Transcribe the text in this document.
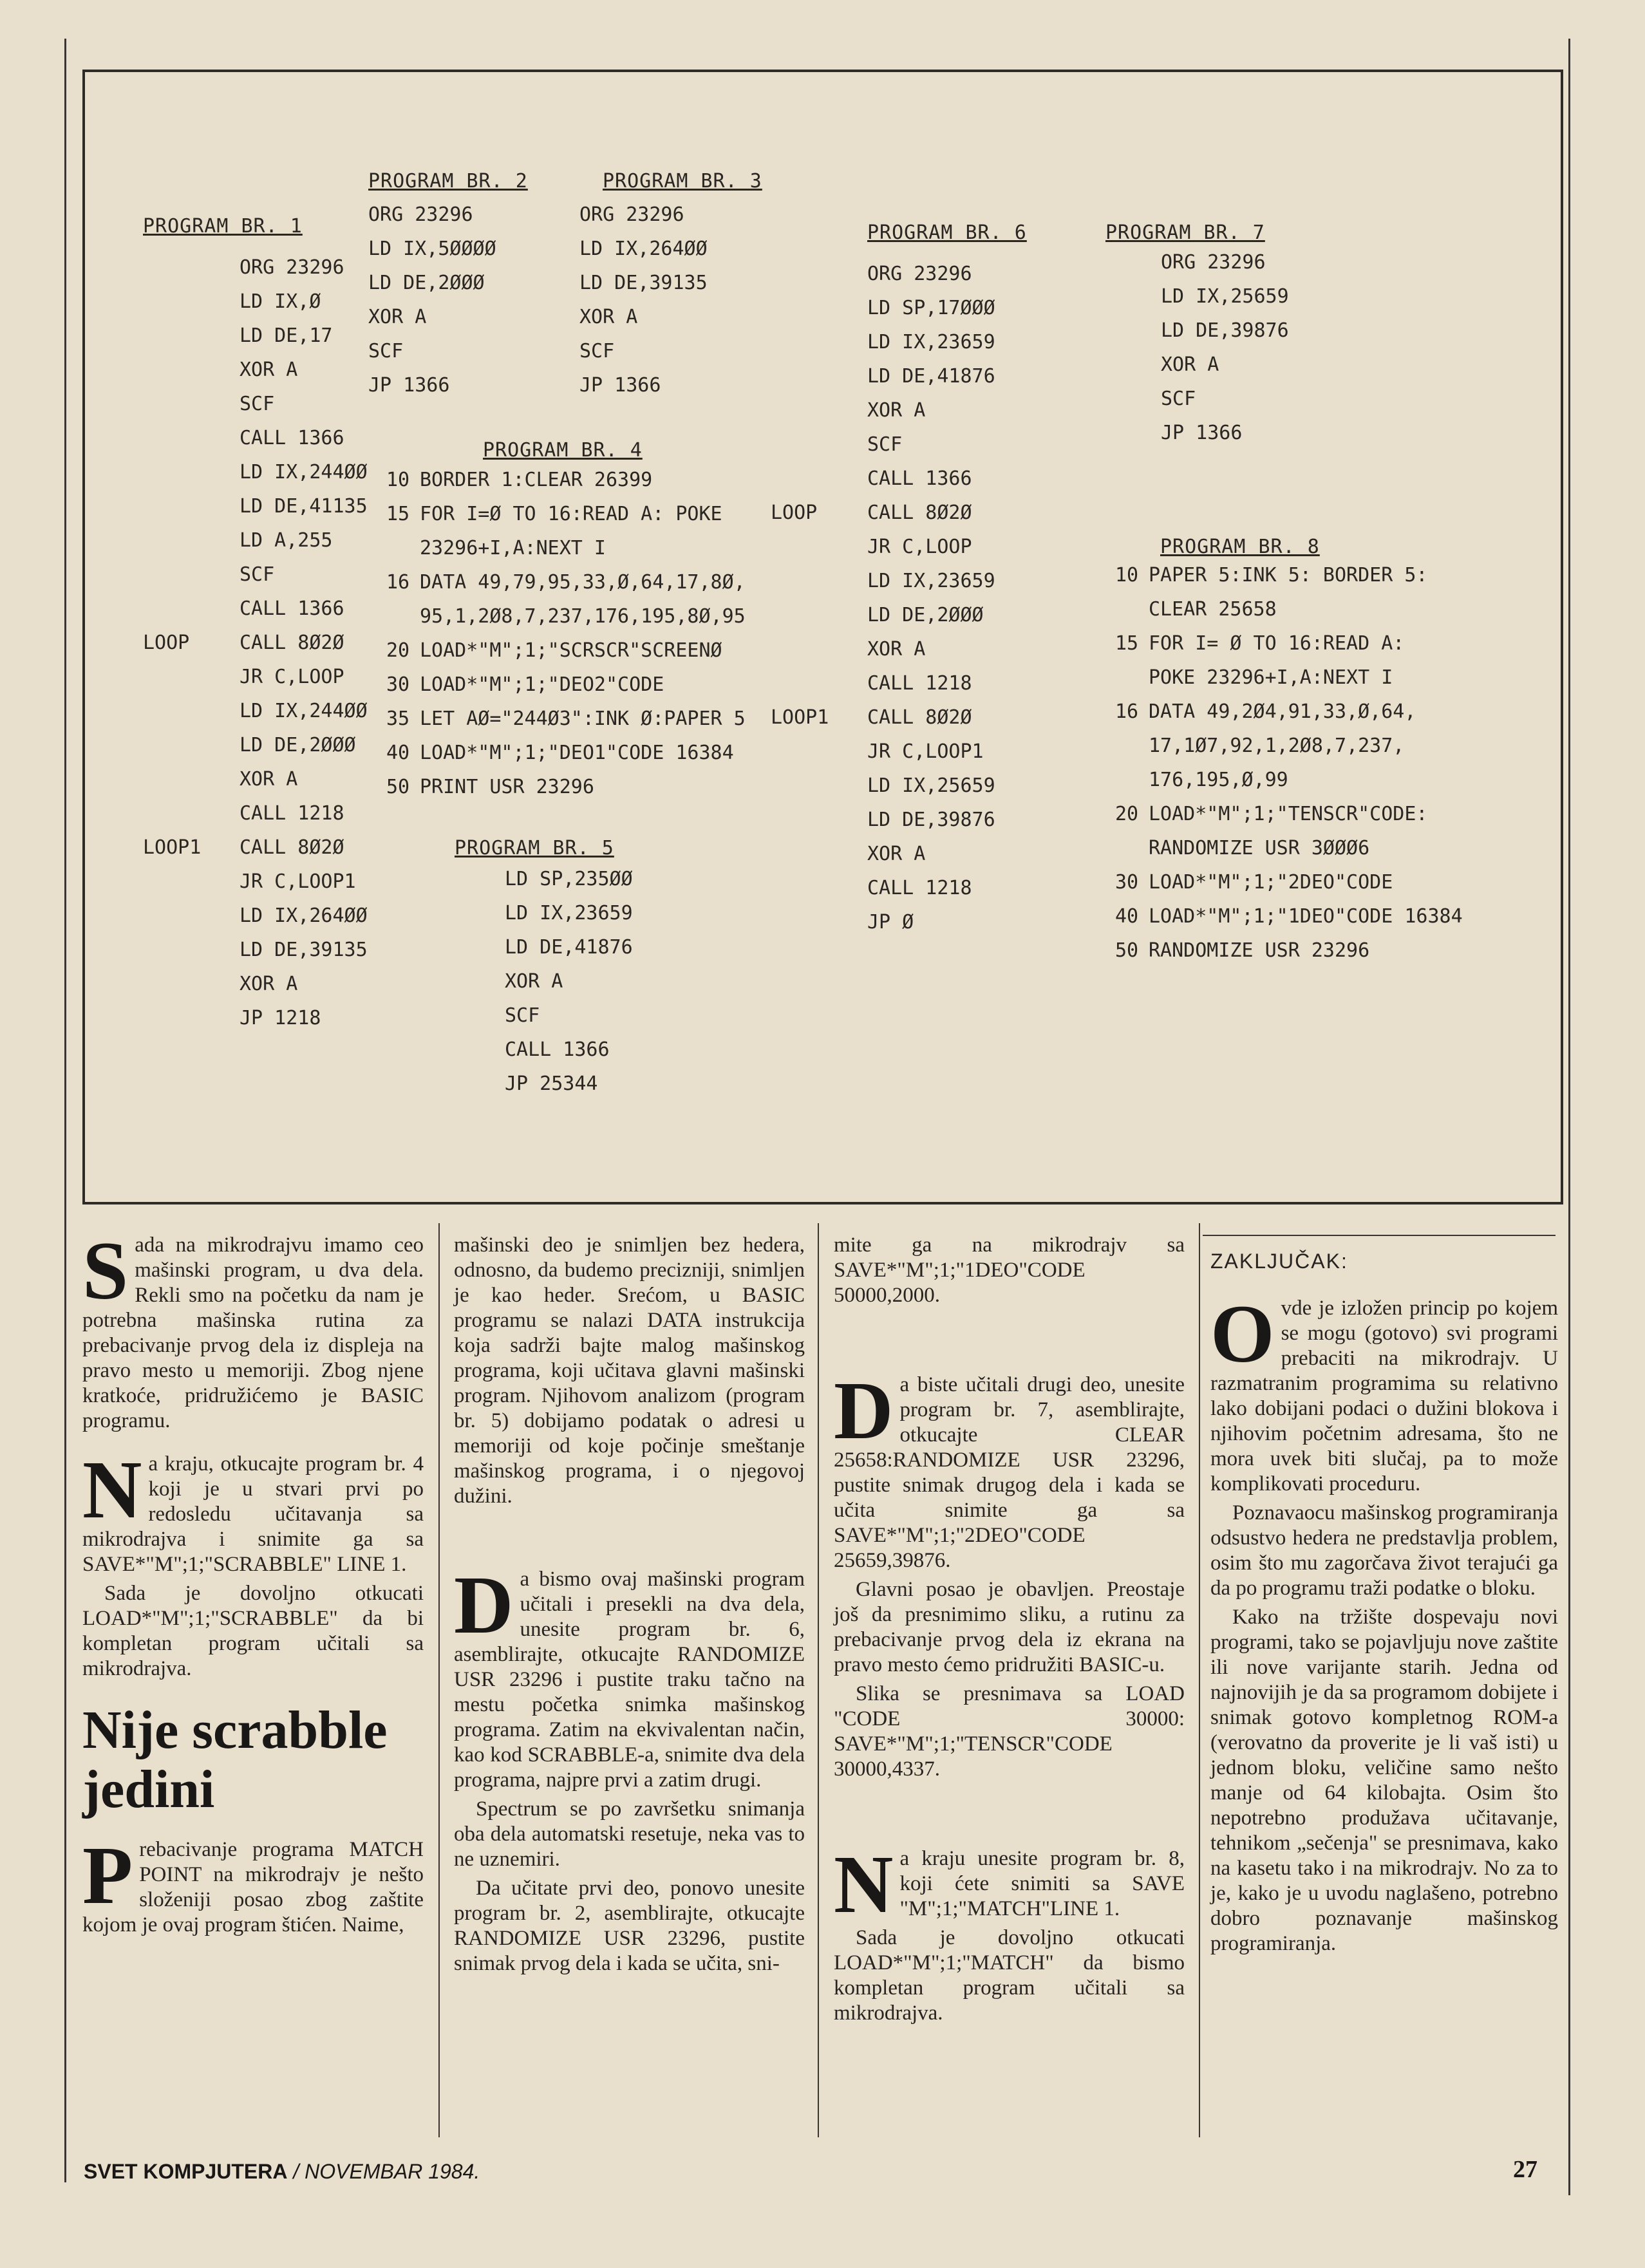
PROGRAM BR. 1
ORG 23296
LD IX,Ø
LD DE,17
XOR A
SCF
CALL 1366
LD IX,244ØØ
LD DE,41135
LD A,255
SCF
CALL 1366
LOOP	CALL 8Ø2Ø
JR C,LOOP
LD IX,244ØØ
LD DE,2ØØØ
XOR A
CALL 1218
LOOP1 CALL 8Ø2Ø
JR C,LOOP1
LD IX,264ØØ
LD DE,39135
XOR A
JP 1218
PROGRAM BR. 2
ORG 23296
LD IX,5ØØØØ
LD DE,2ØØØ
XOR A
SCF
JP 1366
PROGRAM BR. 3
ORG 23296
LD IX,264ØØ
LD DE,39135
XOR A
SCF
JP 1366
PROGRAM BR. 4
10 BORDER 1:CLEAR 26399
15 FOR I=Ø TO 16:READ A: POKE
23296+I,A:NEXT I
16 DATA 49,79,95,33,Ø,64,17,8Ø,
95,1,2Ø8,7,237,176,195,8Ø,95
20 LOAD*"M";1;"SCRSCR"SCREENØ
30 LOAD*"M";1;"DEO2"CODE
35 LET AØ="244Ø3":INK Ø:PAPER 5
40 LOAD*"M";1;"DEO1"CODE 16384
50 PRINT USR 23296
PROGRAM BR. 5
LD SP,235ØØ
LD IX,23659
LD DE,41876
XOR A
SCF
CALL 1366
JP 25344
PROGRAM BR. 6
ORG 23296
LD SP,17ØØØ
LD IX,23659
LD DE,41876
XOR A
SCF
CALL 1366
LOOP	CALL 8Ø2Ø
JR C,LOOP
LD IX,23659
LD DE,2ØØØ
XOR A
CALL 1218
LOOP1 CALL 8Ø2Ø
JR C,LOOP1
LD IX,25659
LD DE,39876
XOR A
CALL 1218
JP Ø
PROGRAM BR. 7
ORG 23296
LD IX,25659
LD DE,39876
XOR A
SCF
JP 1366
PROGRAM BR. 8
10 PAPER 5:INK 5: BORDER 5:
CLEAR 25658
15 FOR I= Ø TO 16:READ A:
POKE 23296+I,A:NEXT I
16 DATA 49,2Ø4,91,33,Ø,64,
17,1Ø7,92,1,2Ø8,7,237,
176,195,Ø,99
20 LOAD*"M";1;"TENSCR"CODE:
RANDOMIZE USR 3ØØØ6
30 LOAD*"M";1;"2DEO"CODE
40 LOAD*"M";1;"1DEO"CODE 16384
50 RANDOMIZE USR 23296

Sada na mikrodrajvu imamo ceo mašinski program, u dva dela. Rekli smo na početku da nam je potrebna mašinska rutina za prebacivanje prvog dela iz displeja na pravo mesto u memoriji. Zbog njene kratkoće, pridružićemo je BASIC programu.

Na kraju, otkucajte program br. 4 koji je u stvari prvi po redosledu učitavanja sa mikrodrajva i snimite ga sa SAVE*"M";1;"SCRABBLE" LINE 1.

Sada je dovoljno otkucati LOAD*"M";1;"SCRABBLE" da bi kompletan program učitali sa mikrodrajva.

Nije scrabble jedini

Prebacivanje programa MATCH POINT na mikrodrajv je nešto složeniji posao zbog zaštite kojom je ovaj program štićen. Naime,

mašinski deo je snimljen bez hedera, odnosno, da budemo precizniji, snimljen je kao heder. Srećom, u BASIC programu se nalazi DATA instrukcija koja sadrži bajte malog mašinskog programa, koji učitava glavni mašinski program. Njihovom analizom (program br. 5) dobijamo podatak o adresi u memoriji od koje počinje smeštanje mašinskog programa, i o njegovoj dužini.

Da bismo ovaj mašinski program učitali i presekli na dva dela, unesite program br. 6, asemblirajte, otkucajte RANDOMIZE USR 23296 i pustite traku tačno na mestu početka snimka mašinskog programa. Zatim na ekvivalentan način, kao kod SCRABBLE-a, snimite dva dela programa, najpre prvi a zatim drugi.

Spectrum se po završetku snimanja oba dela automatski resetuje, neka vas to ne uznemiri.

Da učitate prvi deo, ponovo unesite program br. 2, asemblirajte, otkucajte RANDOMIZE USR 23296, pustite snimak prvog dela i kada se učita, sni-

mite ga na mikrodrajv sa SAVE*"M";1;"1DEO"CODE 50000,2000.

Da biste učitali drugi deo, unesite program br. 7, asemblirajte, otkucajte CLEAR 25658:RANDOMIZE USR 23296, pustite snimak drugog dela i kada se učita snimite ga sa SAVE*"M";1;"2DEO"CODE 25659,39876.

Glavni posao je obavljen. Preostaje još da presnimimo sliku, a rutinu za prebacivanje prvog dela iz ekrana na pravo mesto ćemo pridružiti BASIC-u.

Slika se presnimava sa LOAD "CODE 30000: SAVE*"M";1;"TENSCR"CODE 30000,4337.

Na kraju unesite program br. 8, koji ćete snimiti sa SAVE "M";1;"MATCH"LINE 1.

Sada je dovoljno otkucati LOAD*"M";1;"MATCH" da bismo kompletan program učitali sa mikrodrajva.

ZAKLJUČAK:

Ovde je izložen princip po kojem se mogu (gotovo) svi programi prebaciti na mikrodrajv. U razmatranim programima su relativno lako dobijani podaci o dužini blokova i njihovim početnim adresama, što ne mora uvek biti slučaj, pa to može komplikovati proceduru.

Poznavaocu mašinskog programiranja odsustvo hedera ne predstavlja problem, osim što mu zagorčava život terajući ga da po programu traži podatke o bloku.

Kako na tržište dospevaju novi programi, tako se pojavljuju nove zaštite ili nove varijante starih. Jedna od najnovijih je da sa programom dobijete i snimak gotovo kompletnog ROM-a (verovatno da proverite je li vaš isti) u jednom bloku, veličine samo nešto manje od 64 kilobajta. Osim što nepotrebno produžava učitavanje, tehnikom „sečenja" se presnimava, kako na kasetu tako i na mikrodrajv. No za to je, kako je u uvodu naglašeno, potrebno dobro poznavanje mašinskog programiranja.

SVET KOMPJUTERA / NOVEMBAR 1984.	27
